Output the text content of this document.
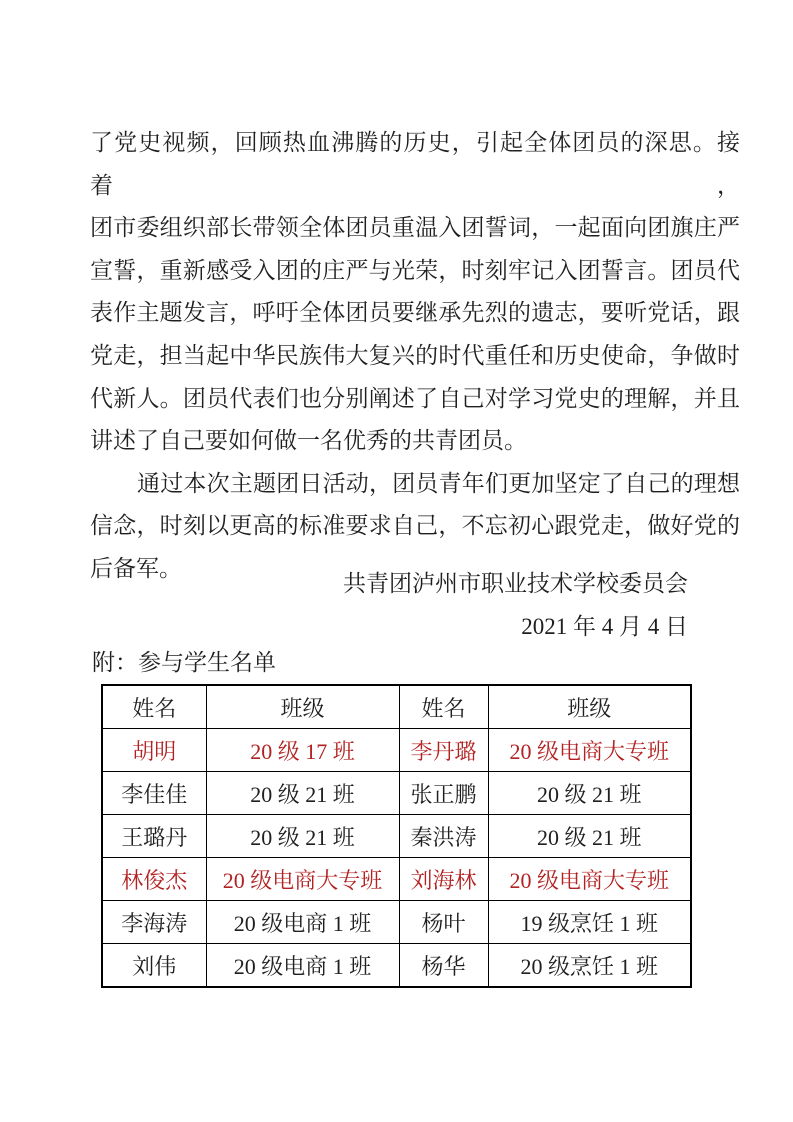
了党史视频，回顾热血沸腾的历史，引起全体团员的深思。接着，
团市委组织部长带领全体团员重温入团誓词，一起面向团旗庄严
宣誓，重新感受入团的庄严与光荣，时刻牢记入团誓言。团员代
表作主题发言，呼吁全体团员要继承先烈的遗志，要听党话，跟
党走，担当起中华民族伟大复兴的时代重任和历史使命，争做时
代新人。团员代表们也分别阐述了自己对学习党史的理解，并且
讲述了自己要如何做一名优秀的共青团员。
通过本次主题团日活动，团员青年们更加坚定了自己的理想
信念，时刻以更高的标准要求自己，不忘初心跟党走，做好党的
后备军。
共青团泸州市职业技术学校委员会
2021 年 4 月 4 日
附：参与学生名单
姓名	班级	姓名	班级
胡明	20 级 17 班	李丹璐	20 级电商大专班
李佳佳	20 级 21 班	张正鹏	20 级 21 班
王璐丹	20 级 21 班	秦洪涛	20 级 21 班
林俊杰	20 级电商大专班	刘海林	20 级电商大专班
李海涛	20 级电商 1 班	杨叶	19 级烹饪 1 班
刘伟	20 级电商 1 班	杨华	20 级烹饪 1 班
